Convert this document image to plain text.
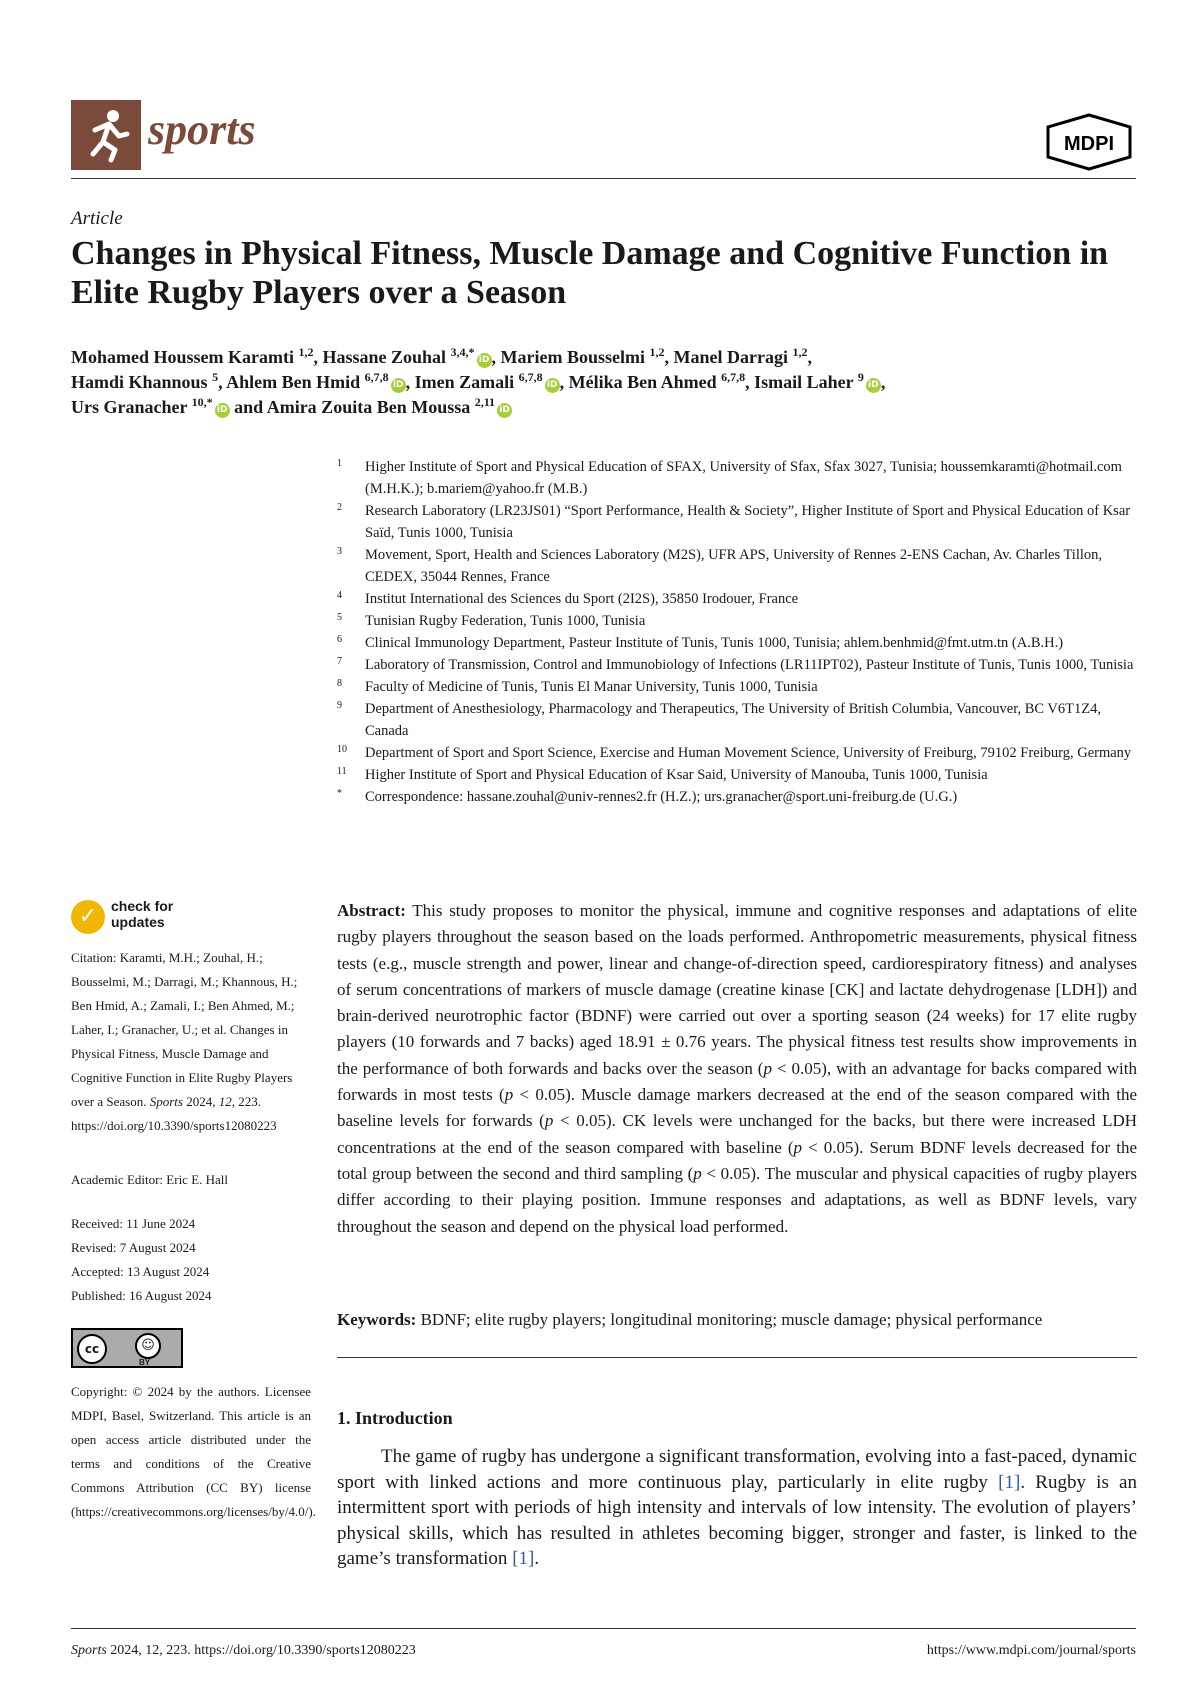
sports	MDPI
Article
Changes in Physical Fitness, Muscle Damage and Cognitive Function in Elite Rugby Players over a Season
Mohamed Houssem Karamti $^{1,2}$, Hassane Zouhal $^{3,4,*}$iD , Mariem Bousselmi $^{1,2}$, Manel Darragi $^{1,2}$,
Hamdi Khannous $^5$, Ahlem Ben Hmid $^{6,7,8}$iD , Imen Zamali $^{6,7,8}$iD , Mélika Ben Ahmed $^{6,7,8}$, Ismail Laher $^9$iD ,
Urs Granacher $^{10,*}$iD and Amira Zouita Ben Moussa $^{2,11}$iD
1 Higher Institute of Sport and Physical Education of SFAX, University of Sfax, Sfax 3027, Tunisia; houssemkaramti@hotmail.com (M.H.K.); b.mariem@yahoo.fr (M.B.)
2 Research Laboratory (LR23JS01) “Sport Performance, Health & Society”, Higher Institute of Sport and Physical Education of Ksar Saïd, Tunis 1000, Tunisia
3 Movement, Sport, Health and Sciences Laboratory (M2S), UFR APS, University of Rennes 2-ENS Cachan, Av. Charles Tillon, CEDEX, 35044 Rennes, France
4 Institut International des Sciences du Sport (2I2S), 35850 Irodouer, France
5 Tunisian Rugby Federation, Tunis 1000, Tunisia
6 Clinical Immunology Department, Pasteur Institute of Tunis, Tunis 1000, Tunisia; ahlem.benhmid@fmt.utm.tn (A.B.H.)
7 Laboratory of Transmission, Control and Immunobiology of Infections (LR11IPT02), Pasteur Institute of Tunis, Tunis 1000, Tunisia
8 Faculty of Medicine of Tunis, Tunis El Manar University, Tunis 1000, Tunisia
9 Department of Anesthesiology, Pharmacology and Therapeutics, The University of British Columbia, Vancouver, BC V6T1Z4, Canada
10 Department of Sport and Sport Science, Exercise and Human Movement Science, University of Freiburg, 79102 Freiburg, Germany
11 Higher Institute of Sport and Physical Education of Ksar Said, University of Manouba, Tunis 1000, Tunisia
* Correspondence: hassane.zouhal@univ-rennes2.fr (H.Z.); urs.granacher@sport.uni-freiburg.de (U.G.)
✓ check for updates
Citation: Karamti, M.H.; Zouhal, H.; Bousselmi, M.; Darragi, M.; Khannous, H.; Ben Hmid, A.; Zamali, I.; Ben Ahmed, M.; Laher, I.; Granacher, U.; et al. Changes in Physical Fitness, Muscle Damage and Cognitive Function in Elite Rugby Players over a Season. Sports 2024, 12, 223. https://doi.org/10.3390/sports12080223
Academic Editor: Eric E. Hall
Received: 11 June 2024
Revised: 7 August 2024
Accepted: 13 August 2024
Published: 16 August 2024
cc	☺
BY
Copyright: © 2024 by the authors. Licensee MDPI, Basel, Switzerland. This article is an open access article distributed under the terms and conditions of the Creative Commons Attribution (CC BY) license (https://creativecommons.org/licenses/by/4.0/).
Abstract: This study proposes to monitor the physical, immune and cognitive responses and adaptations of elite rugby players throughout the season based on the loads performed. Anthropometric measurements, physical fitness tests (e.g., muscle strength and power, linear and change-of-direction speed, cardiorespiratory fitness) and analyses of serum concentrations of markers of muscle damage (creatine kinase [CK] and lactate dehydrogenase [LDH]) and brain-derived neurotrophic factor (BDNF) were carried out over a sporting season (24 weeks) for 17 elite rugby players (10 forwards and 7 backs) aged 18.91 ± 0.76 years. The physical fitness test results show improvements in the performance of both forwards and backs over the season (p < 0.05), with an advantage for backs compared with forwards in most tests (p < 0.05). Muscle damage markers decreased at the end of the season compared with the baseline levels for forwards (p < 0.05). CK levels were unchanged for the backs, but there were increased LDH concentrations at the end of the season compared with baseline (p < 0.05). Serum BDNF levels decreased for the total group between the second and third sampling (p < 0.05). The muscular and physical capacities of rugby players differ according to their playing position. Immune responses and adaptations, as well as BDNF levels, vary throughout the season and depend on the physical load performed.
Keywords: BDNF; elite rugby players; longitudinal monitoring; muscle damage; physical performance
1. Introduction
The game of rugby has undergone a significant transformation, evolving into a fast-paced, dynamic sport with linked actions and more continuous play, particularly in elite rugby [1]. Rugby is an intermittent sport with periods of high intensity and intervals of low intensity. The evolution of players’ physical skills, which has resulted in athletes becoming bigger, stronger and faster, is linked to the game’s transformation [1].
Sports 2024, 12, 223. https://doi.org/10.3390/sports12080223	https://www.mdpi.com/journal/sports
